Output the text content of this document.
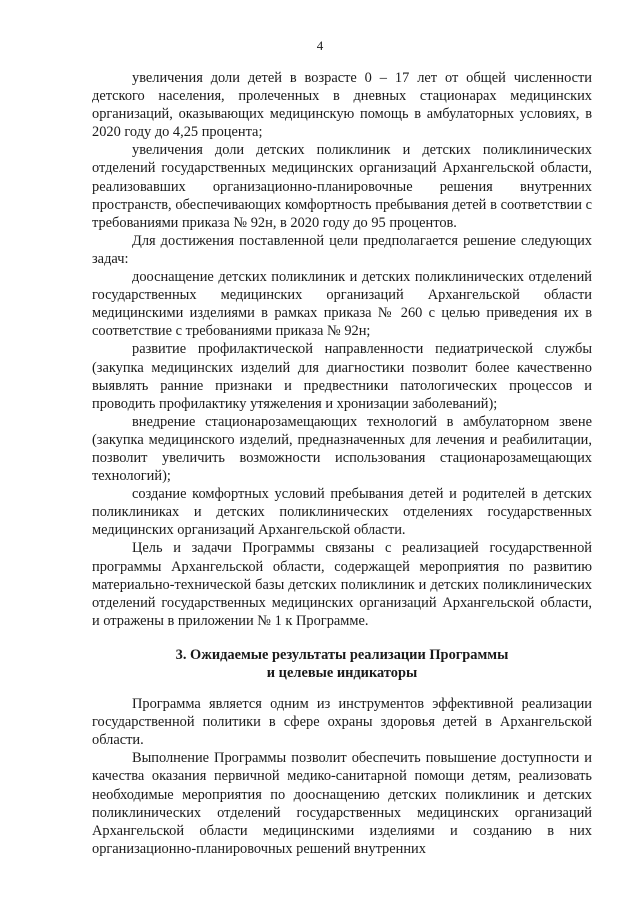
4

увеличения доли детей в возрасте 0 – 17 лет от общей численности детского населения, пролеченных в дневных стационарах медицинских организаций, оказывающих медицинскую помощь в амбулаторных условиях, в 2020 году до 4,25 процента;

увеличения доли детских поликлиник и детских поликлинических отделений государственных медицинских организаций Архангельской области, реализовавших организационно-планировочные решения внутренних пространств, обеспечивающих комфортность пребывания детей в соответствии с требованиями приказа № 92н, в 2020 году до 95 процентов.

Для достижения поставленной цели предполагается решение следующих задач:

дооснащение детских поликлиник и детских поликлинических отделений государственных медицинских организаций Архангельской области медицинскими изделиями в рамках приказа № 260 с целью приведения их в соответствие с требованиями приказа № 92н;

развитие профилактической направленности педиатрической службы (закупка медицинских изделий для диагностики позволит более качественно выявлять ранние признаки и предвестники патологических процессов и проводить профилактику утяжеления и хронизации заболеваний);

внедрение стационарозамещающих технологий в амбулаторном звене (закупка медицинского изделий, предназначенных для лечения и реабилитации, позволит увеличить возможности использования стационарозамещающих технологий);

создание комфортных условий пребывания детей и родителей в детских поликлиниках и детских поликлинических отделениях государственных медицинских организаций Архангельской области.

Цель и задачи Программы связаны с реализацией государственной программы Архангельской области, содержащей мероприятия по развитию материально-технической базы детских поликлиник и детских поликлинических отделений государственных медицинских организаций Архангельской области, и отражены в приложении № 1 к Программе.

3. Ожидаемые результаты реализации Программы
и целевые индикаторы

Программа является одним из инструментов эффективной реализации государственной политики в сфере охраны здоровья детей в Архангельской области.

Выполнение Программы позволит обеспечить повышение доступности и качества оказания первичной медико-санитарной помощи детям, реализовать необходимые мероприятия по дооснащению детских поликлиник и детских поликлинических отделений государственных медицинских организаций Архангельской области медицинскими изделиями и созданию в них организационно-планировочных решений внутренних
